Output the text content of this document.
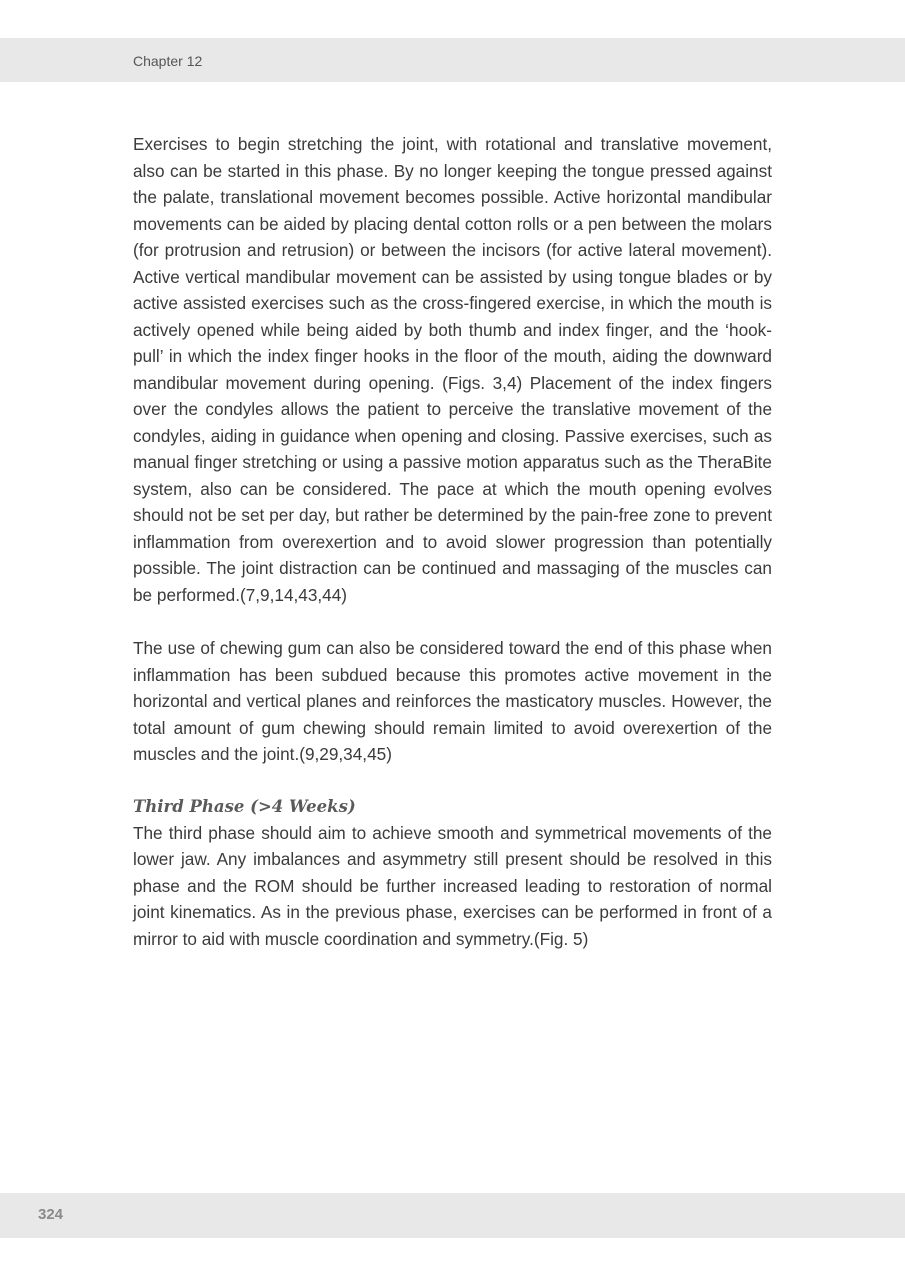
Chapter 12

Exercises to begin stretching the joint, with rotational and translative movement, also can be started in this phase. By no longer keeping the tongue pressed against the palate, translational movement becomes possible. Active horizontal mandibular movements can be aided by placing dental cotton rolls or a pen between the molars (for protrusion and retrusion) or between the incisors (for active lateral movement). Active vertical mandibular movement can be assisted by using tongue blades or by active assisted exercises such as the cross-fingered exercise, in which the mouth is actively opened while being aided by both thumb and index finger, and the ‘hook-pull’ in which the index finger hooks in the floor of the mouth, aiding the downward mandibular movement during opening. (Figs. 3,4) Placement of the index fingers over the condyles allows the patient to perceive the translative movement of the condyles, aiding in guidance when opening and closing. Passive exercises, such as manual finger stretching or using a passive motion apparatus such as the TheraBite system, also can be considered. The pace at which the mouth opening evolves should not be set per day, but rather be determined by the pain-free zone to prevent inflammation from overexertion and to avoid slower progression than potentially possible. The joint distraction can be continued and massaging of the muscles can be performed.(7,9,14,43,44)

The use of chewing gum can also be considered toward the end of this phase when inflammation has been subdued because this promotes active movement in the horizontal and vertical planes and reinforces the masticatory muscles. However, the total amount of gum chewing should remain limited to avoid overexertion of the muscles and the joint.(9,29,34,45)

Third Phase (>4 Weeks)

The third phase should aim to achieve smooth and symmetrical movements of the lower jaw. Any imbalances and asymmetry still present should be resolved in this phase and the ROM should be further increased leading to restoration of normal joint kinematics. As in the previous phase, exercises can be performed in front of a mirror to aid with muscle coordination and symmetry.(Fig. 5)

324
